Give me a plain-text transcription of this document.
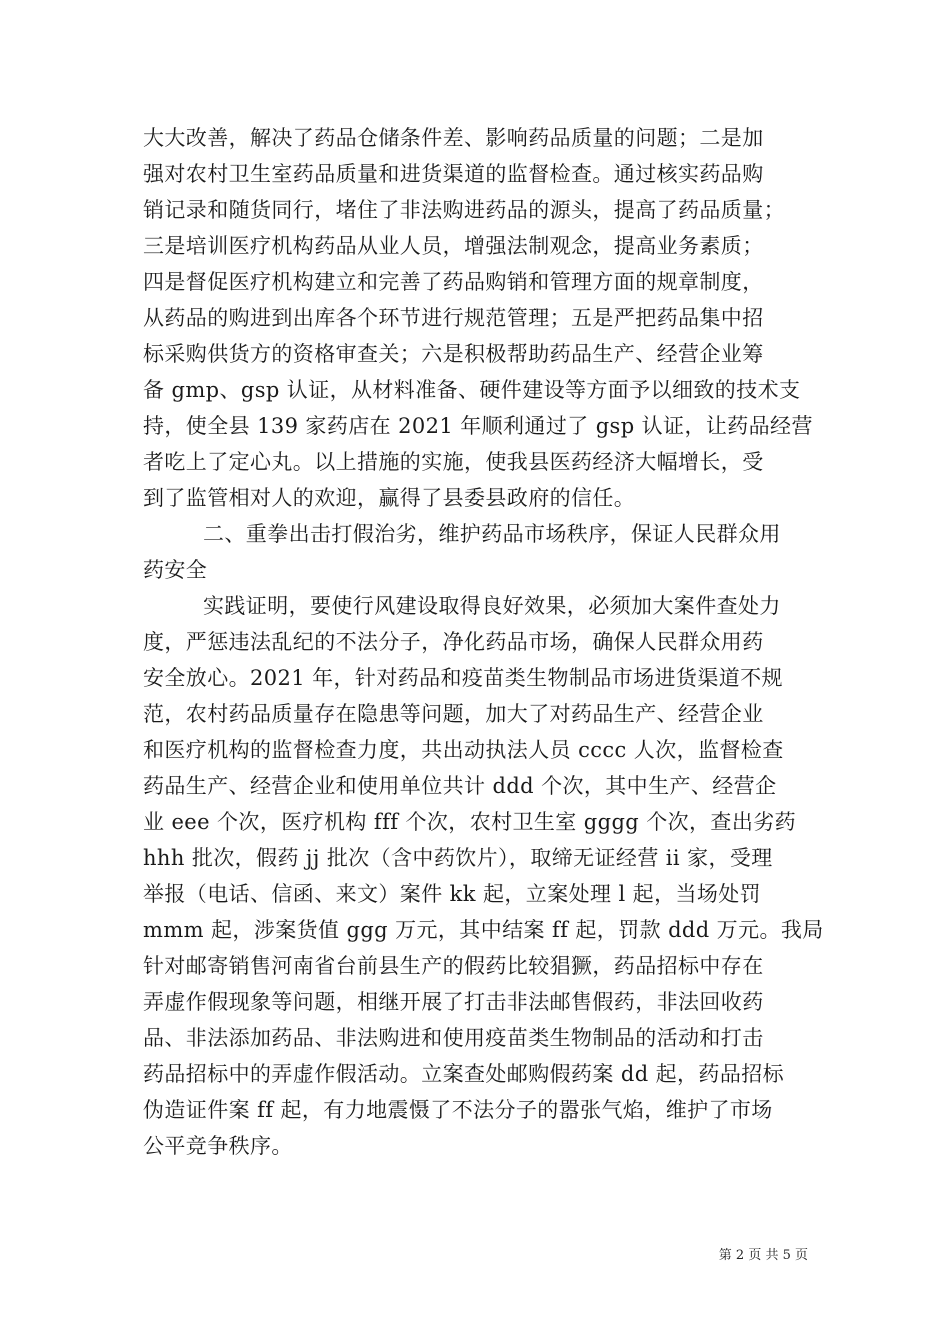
大大改善，解决了药品仓储条件差、影响药品质量的问题；二是加
强对农村卫生室药品质量和进货渠道的监督检查。通过核实药品购
销记录和随货同行，堵住了非法购进药品的源头，提高了药品质量；
三是培训医疗机构药品从业人员，增强法制观念，提高业务素质；
四是督促医疗机构建立和完善了药品购销和管理方面的规章制度，
从药品的购进到出库各个环节进行规范管理；五是严把药品集中招
标采购供货方的资格审查关；六是积极帮助药品生产、经营企业筹
备 gmp、gsp 认证，从材料准备、硬件建设等方面予以细致的技术支
持，使全县 139 家药店在 2021 年顺利通过了 gsp 认证，让药品经营
者吃上了定心丸。以上措施的实施，使我县医药经济大幅增长，受
到了监管相对人的欢迎，赢得了县委县政府的信任。
二、重拳出击打假治劣，维护药品市场秩序，保证人民群众用
药安全
实践证明，要使行风建设取得良好效果，必须加大案件查处力
度，严惩违法乱纪的不法分子，净化药品市场，确保人民群众用药
安全放心。2021 年，针对药品和疫苗类生物制品市场进货渠道不规
范，农村药品质量存在隐患等问题，加大了对药品生产、经营企业
和医疗机构的监督检查力度，共出动执法人员 cccc 人次，监督检查
药品生产、经营企业和使用单位共计 ddd 个次，其中生产、经营企
业 eee 个次，医疗机构 fff 个次，农村卫生室 gggg 个次，查出劣药
hhh 批次，假药 jj 批次（含中药饮片），取缔无证经营 ii 家，受理
举报（电话、信函、来文）案件 kk 起，立案处理 l 起，当场处罚
mmm 起，涉案货值 ggg 万元，其中结案 ff 起，罚款 ddd 万元。我局
针对邮寄销售河南省台前县生产的假药比较猖獗，药品招标中存在
弄虚作假现象等问题，相继开展了打击非法邮售假药，非法回收药
品、非法添加药品、非法购进和使用疫苗类生物制品的活动和打击
药品招标中的弄虚作假活动。立案查处邮购假药案 dd 起，药品招标
伪造证件案 ff 起，有力地震慑了不法分子的嚣张气焰，维护了市场
公平竞争秩序。
第 2 页 共 5 页
